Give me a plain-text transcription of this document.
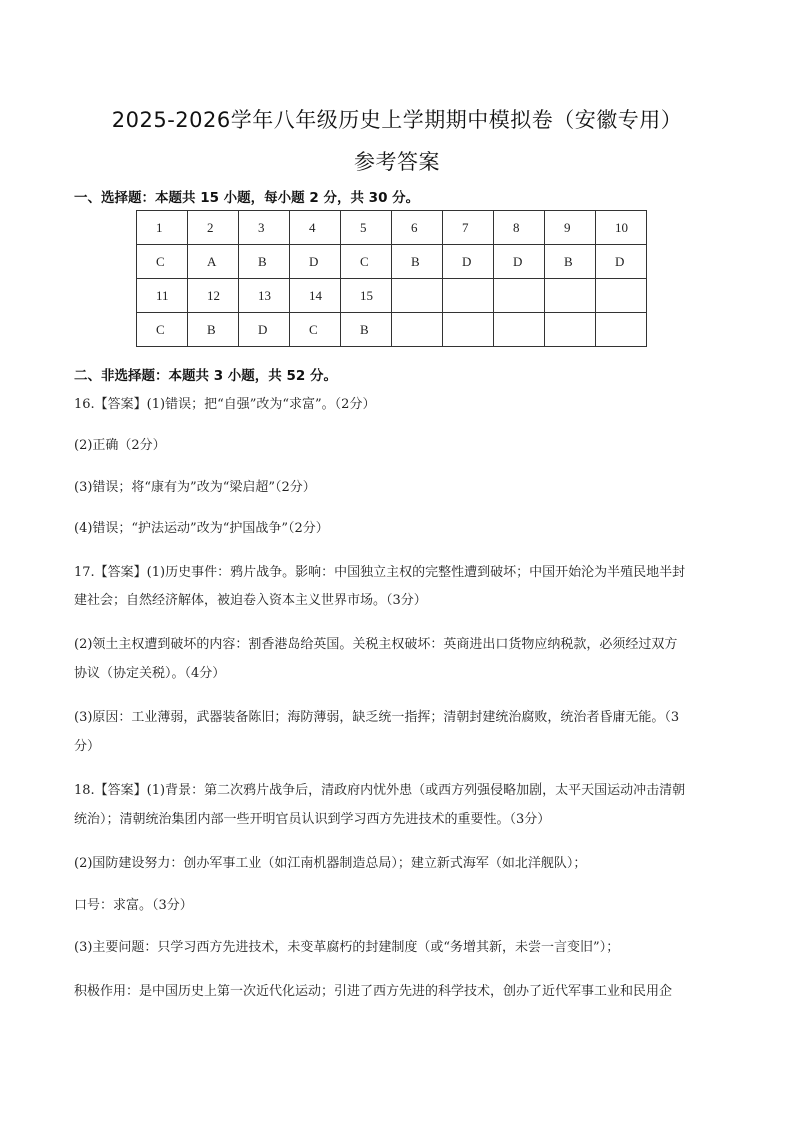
2025-2026学年八年级历史上学期期中模拟卷（安徽专用）
参考答案
一、选择题：本题共 15 小题，每小题 2 分，共 30 分。
1	2	3	4	5	6	7	8	9	10
C	A	B	D	C	B	D	D	B	D
11	12	13	14	15					
C	B	D	C	B					
二、非选择题：本题共 3 小题，共 52 分。
16.【答案】(1)错误；把“自强”改为“求富”。（2分）
(2)正确（2分）
(3)错误；将“康有为”改为“梁启超”（2分）
(4)错误；“护法运动”改为“护国战争”（2分）
17.【答案】(1)历史事件：鸦片战争。影响：中国独立主权的完整性遭到破坏；中国开始沦为半殖民地半封
建社会；自然经济解体，被迫卷入资本主义世界市场。（3分）
(2)领土主权遭到破坏的内容：割香港岛给英国。关税主权破坏：英商进出口货物应纳税款，必须经过双方
协议（协定关税）。（4分）
(3)原因：工业薄弱，武器装备陈旧；海防薄弱，缺乏统一指挥；清朝封建统治腐败，统治者昏庸无能。（3
分）
18.【答案】(1)背景：第二次鸦片战争后，清政府内忧外患（或西方列强侵略加剧，太平天国运动冲击清朝
统治）；清朝统治集团内部一些开明官员认识到学习西方先进技术的重要性。（3分）
(2)国防建设努力：创办军事工业（如江南机器制造总局）；建立新式海军（如北洋舰队）；
口号：求富。（3分）
(3)主要问题：只学习西方先进技术，未变革腐朽的封建制度（或“务增其新，未尝一言变旧”）；
积极作用：是中国历史上第一次近代化运动；引进了西方先进的科学技术，创办了近代军事工业和民用企
